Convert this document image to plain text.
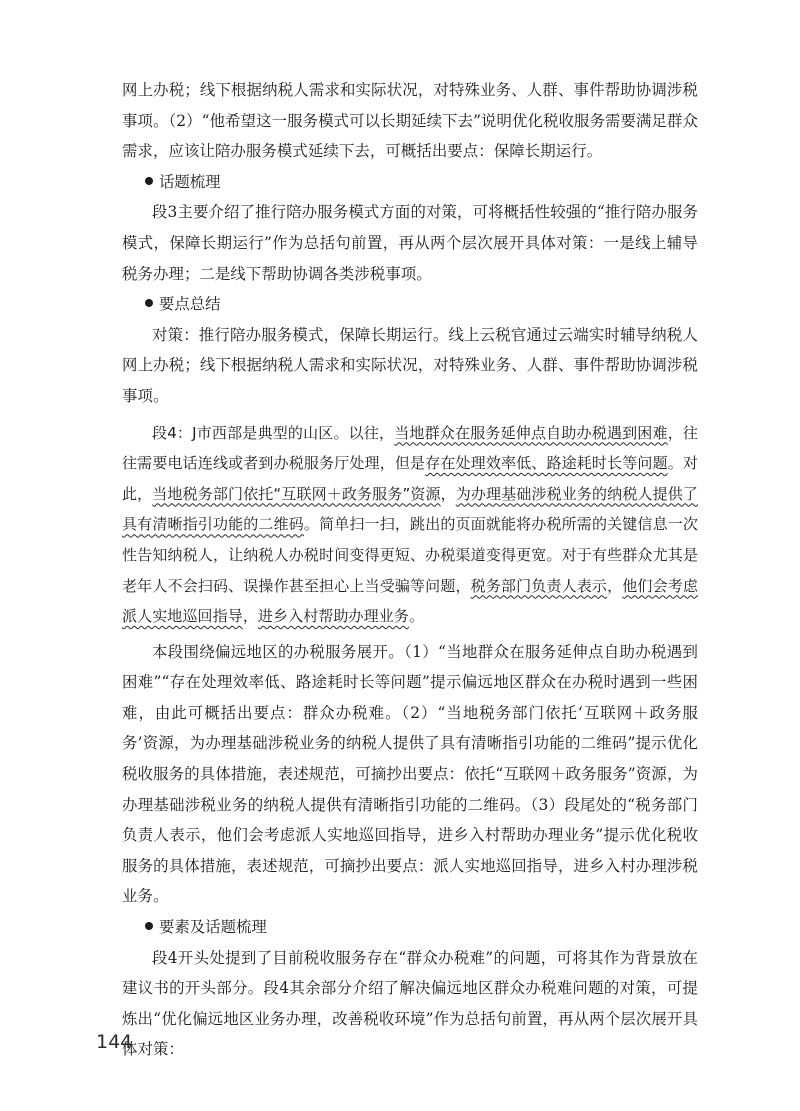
网上办税；线下根据纳税人需求和实际状况，对特殊业务、人群、事件帮助协调涉税事项。（2）“他希望这一服务模式可以长期延续下去”说明优化税收服务需要满足群众需求，应该让陪办服务模式延续下去，可概括出要点：保障长期运行。

话题梳理

段3主要介绍了推行陪办服务模式方面的对策，可将概括性较强的“推行陪办服务模式，保障长期运行”作为总括句前置，再从两个层次展开具体对策：一是线上辅导税务办理；二是线下帮助协调各类涉税事项。

要点总结

对策：推行陪办服务模式，保障长期运行。线上云税官通过云端实时辅导纳税人网上办税；线下根据纳税人需求和实际状况，对特殊业务、人群、事件帮助协调涉税事项。

段4：J市西部是典型的山区。以往，当地群众在服务延伸点自助办税遇到困难，往往需要电话连线或者到办税服务厅处理，但是存在处理效率低、路途耗时长等问题。对此，当地税务部门依托“互联网＋政务服务”资源，为办理基础涉税业务的纳税人提供了具有清晰指引功能的二维码。简单扫一扫，跳出的页面就能将办税所需的关键信息一次性告知纳税人，让纳税人办税时间变得更短、办税渠道变得更宽。对于有些群众尤其是老年人不会扫码、误操作甚至担心上当受骗等问题，税务部门负责人表示，他们会考虑派人实地巡回指导，进乡入村帮助办理业务。

本段围绕偏远地区的办税服务展开。（1）“当地群众在服务延伸点自助办税遇到困难”“存在处理效率低、路途耗时长等问题”提示偏远地区群众在办税时遇到一些困难，由此可概括出要点：群众办税难。（2）“当地税务部门依托‘互联网＋政务服务’资源，为办理基础涉税业务的纳税人提供了具有清晰指引功能的二维码”提示优化税收服务的具体措施，表述规范，可摘抄出要点：依托“互联网＋政务服务”资源，为办理基础涉税业务的纳税人提供有清晰指引功能的二维码。（3）段尾处的“税务部门负责人表示，他们会考虑派人实地巡回指导，进乡入村帮助办理业务”提示优化税收服务的具体措施，表述规范，可摘抄出要点：派人实地巡回指导，进乡入村办理涉税业务。

要素及话题梳理

段4开头处提到了目前税收服务存在“群众办税难”的问题，可将其作为背景放在建议书的开头部分。段4其余部分介绍了解决偏远地区群众办税难问题的对策，可提炼出“优化偏远地区业务办理，改善税收环境”作为总括句前置，再从两个层次展开具体对策：

144
